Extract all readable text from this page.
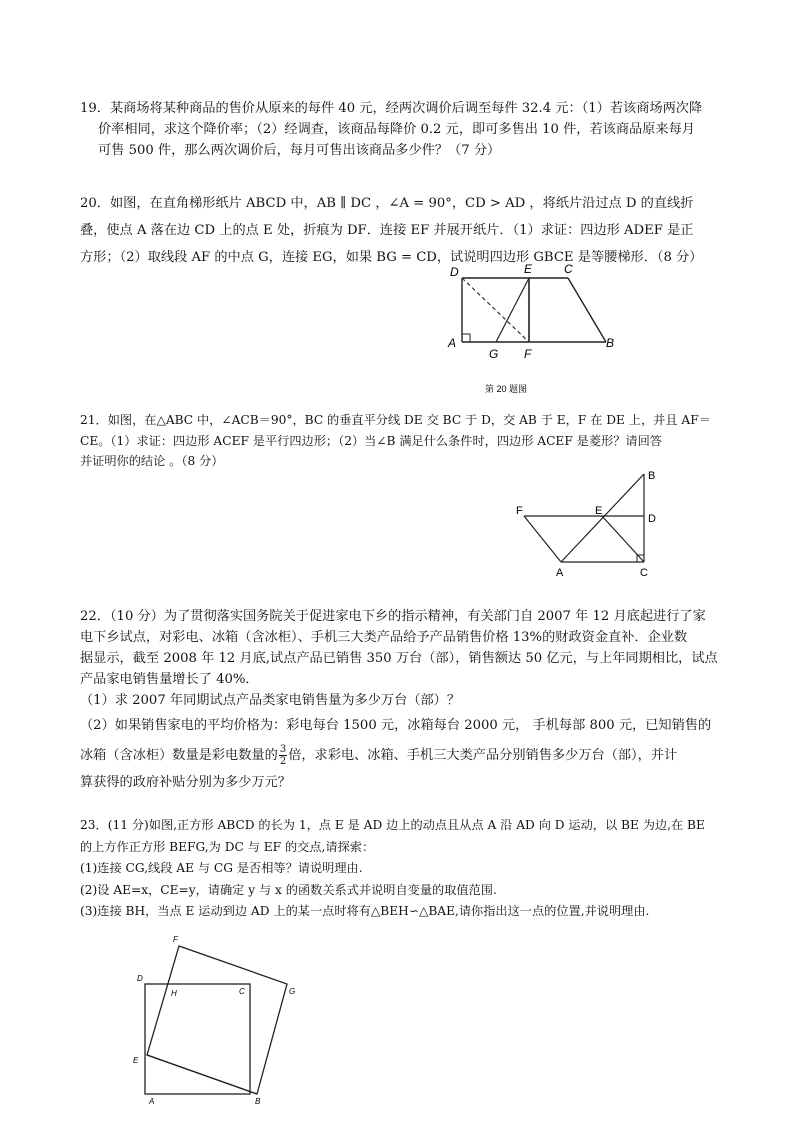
19．某商场将某种商品的售价从原来的每件 40 元，经两次调价后调至每件 32.4 元：（1）若该商场两次降
价率相同，求这个降价率；（2）经调查，该商品每降价 0.2 元，即可多售出 10 件，若该商品原来每月
可售 500 件，那么两次调价后，每月可售出该商品多少件？（7 分）
20．如图，在直角梯形纸片 ABCD 中，AB ∥ DC ，∠A = 90°，CD > AD ，将纸片沿过点 D 的直线折
叠，使点 A 落在边 CD 上的点 E 处，折痕为 DF．连接 EF 并展开纸片．（1）求证：四边形 ADEF 是正
方形；（2）取线段 AF 的中点 G，连接 EG，如果 BG = CD，试说明四边形 GBCE 是等腰梯形．（8 分）
D	E	C
A
G F
B
第 20 题图
21．如图，在△ABC 中，∠ACB＝90°，BC 的垂直平分线 DE 交 BC 于 D，交 AB 于 E，F 在 DE 上，并且 AF＝
CE。（1）求证：四边形 ACEF 是平行四边形；（2）当∠B 满足什么条件时，四边形 ACEF 是菱形？请回答
并证明你的结论 。（8 分）
B
F	E
D
A	C
22．（10 分）为了贯彻落实国务院关于促进家电下乡的指示精神，有关部门自 2007 年 12 月底起进行了家
电下乡试点，对彩电、冰箱（含冰柜）、手机三大类产品给予产品销售价格 13%的财政资金直补．企业数
据显示，截至 2008 年 12 月底,试点产品已销售 350 万台（部），销售额达 50 亿元，与上年同期相比，试点
产品家电销售量增长了 40%．
（1）求 2007 年同期试点产品类家电销售量为多少万台（部）？
（2）如果销售家电的平均价格为：彩电每台 1500 元，冰箱每台 2000 元， 手机每部 800 元，已知销售的
冰箱（含冰柜）数量是彩电数量的 $\frac{3}{2}$ 倍，求彩电、冰箱、手机三大类产品分别销售多少万台（部），并计
算获得的政府补贴分别为多少万元？
23．(11 分)如图,正方形 ABCD 的长为 1，点 E 是 AD 边上的动点且从点 A 沿 AD 向 D 运动，以 BE 为边,在 BE
的上方作正方形 BEFG,为 DC 与 EF 的交点,请探索：
(1)连接 CG,线段 AE 与 CG 是否相等？请说明理由.
(2)设 AE=x，CE=y，请确定 y 与 x 的函数关系式并说明自变量的取值范围.
(3)连接 BH，当点 E 运动到边 AD 上的某一点时将有△BEH∽△BAE,请你指出这一点的位置,并说明理由.
F
D
H	C	G
E
A	B
